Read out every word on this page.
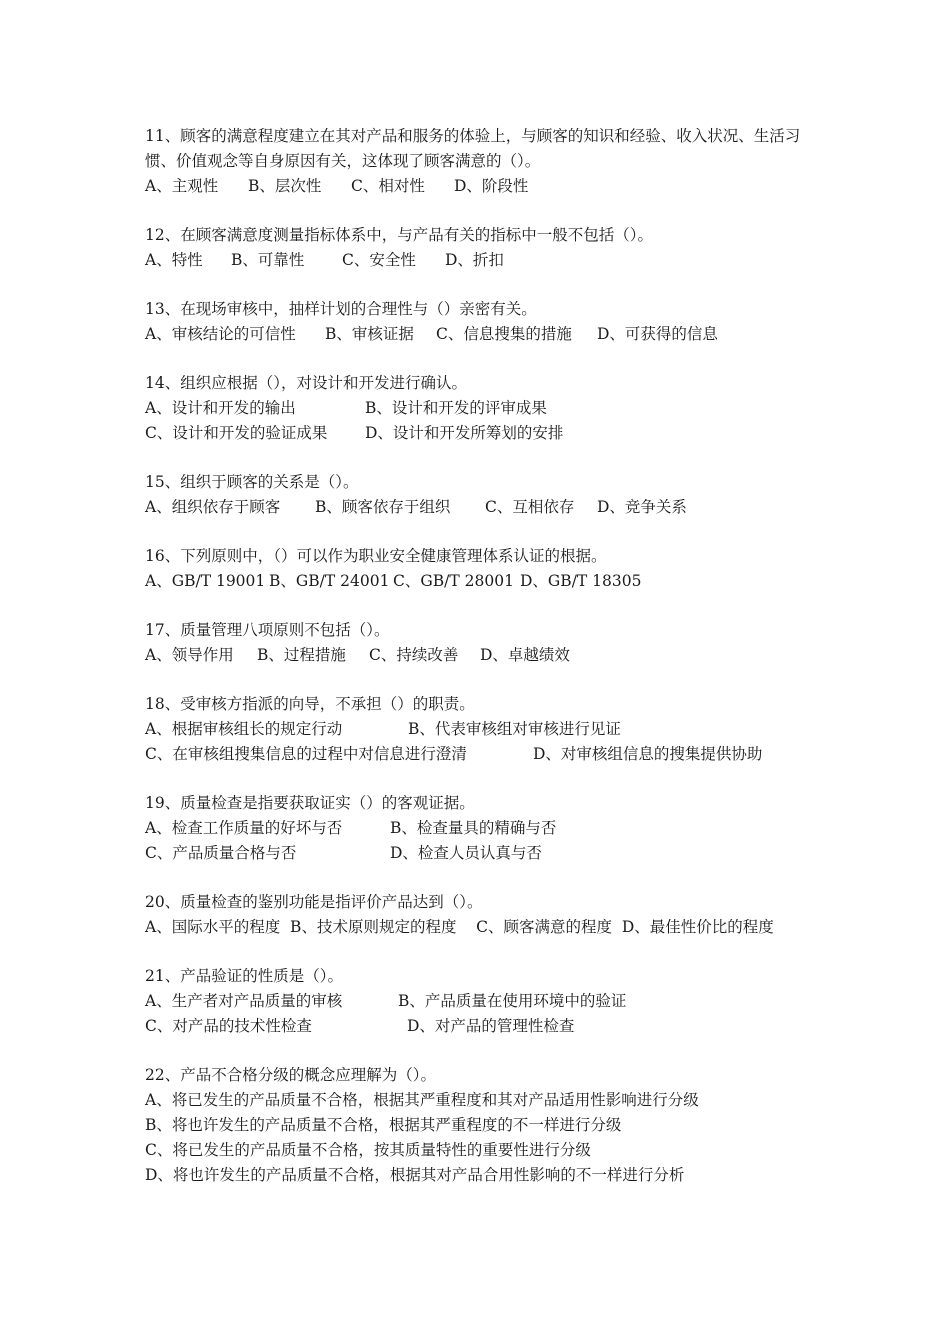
11、顾客的满意程度建立在其对产品和服务的体验上，与顾客的知识和经验、收入状况、生活习惯、价值观念等自身原因有关，这体现了顾客满意的（）。
A、主观性 B、层次性 C、相对性 D、阶段性
12、在顾客满意度测量指标体系中，与产品有关的指标中一般不包括（）。
A、特性 B、可靠性 C、安全性 D、折扣
13、在现场审核中，抽样计划的合理性与（）亲密有关。
A、审核结论的可信性 B、审核证据 C、信息搜集的措施 D、可获得的信息
14、组织应根据（），对设计和开发进行确认。
A、设计和开发的输出	B、设计和开发的评审成果
C、设计和开发的验证成果 D、设计和开发所筹划的安排
15、组织于顾客的关系是（）。
A、组织依存于顾客 B、顾客依存于组织 C、互相依存 D、竞争关系
16、下列原则中，（）可以作为职业安全健康管理体系认证的根据。
A、GB/T 19001 B、GB/T 24001 C、GB/T 28001 D、GB/T 18305
17、质量管理八项原则不包括（）。
A、领导作用 B、过程措施 C、持续改善 D、卓越绩效
18、受审核方指派的向导，不承担（）的职责。
A、根据审核组长的规定行动	B、代表审核组对审核进行见证
C、在审核组搜集信息的过程中对信息进行澄清	D、对审核组信息的搜集提供协助
19、质量检查是指要获取证实（）的客观证据。
A、检查工作质量的好坏与否	B、检查量具的精确与否
C、产品质量合格与否	D、检查人员认真与否
20、质量检查的鉴别功能是指评价产品达到（）。
A、国际水平的程度  B、技术原则规定的程度    C、顾客满意的程度  D、最佳性价比的程度
21、产品验证的性质是（）。
A、生产者对产品质量的审核	B、产品质量在使用环境中的验证
C、对产品的技术性检查	D、对产品的管理性检查
22、产品不合格分级的概念应理解为（）。
A、将已发生的产品质量不合格，根据其严重程度和其对产品适用性影响进行分级
B、将也许发生的产品质量不合格，根据其严重程度的不一样进行分级
C、将已发生的产品质量不合格，按其质量特性的重要性进行分级
D、将也许发生的产品质量不合格，根据其对产品合用性影响的不一样进行分析
